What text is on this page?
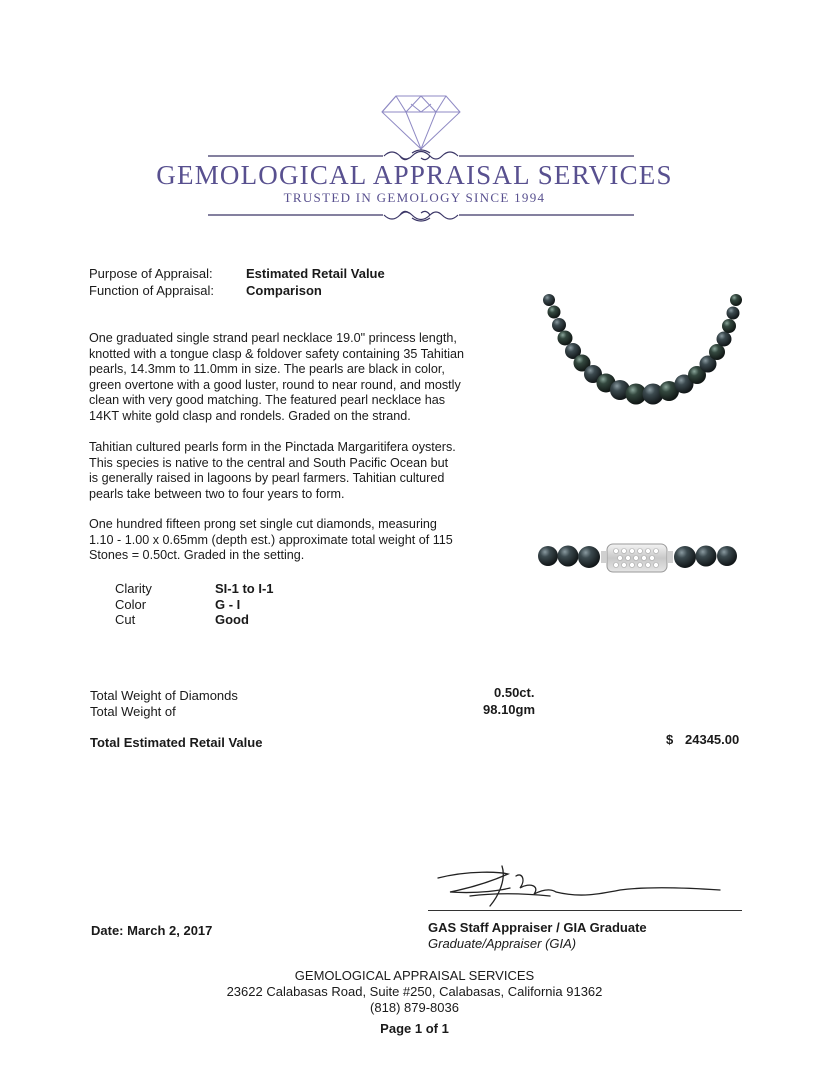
GEMOLOGICAL APPRAISAL SERVICES
TRUSTED IN GEMOLOGY SINCE 1994
Purpose of Appraisal:	Estimated Retail Value
Function of Appraisal: Comparison
One graduated single strand pearl necklace 19.0" princess length,
knotted with a tongue clasp & foldover safety containing 35 Tahitian
pearls, 14.3mm to 11.0mm in size. The pearls are black in color,
green overtone with a good luster, round to near round, and mostly
clean with very good matching. The featured pearl necklace has
14KT white gold clasp and rondels. Graded on the strand.
Tahitian cultured pearls form in the Pinctada Margaritifera oysters.
This species is native to the central and South Pacific Ocean but
is generally raised in lagoons by pearl farmers. Tahitian cultured
pearls take between two to four years to form.
One hundred fifteen prong set single cut diamonds, measuring
1.10 - 1.00 x 0.65mm (depth est.) approximate total weight of 115
Stones = 0.50ct. Graded in the setting.
Clarity	SI-1 to I-1
Color	G - I
Cut	Good
Total Weight of Diamonds	0.50ct.
Total Weight of	98.10gm
Total Estimated Retail Value	$ 24345.00
GAS Staff Appraiser / GIA Graduate
Graduate/Appraiser (GIA)
Date: March 2, 2017
GEMOLOGICAL APPRAISAL SERVICES
23622 Calabasas Road, Suite #250, Calabasas, California 91362
(818) 879-8036
Page 1 of 1
